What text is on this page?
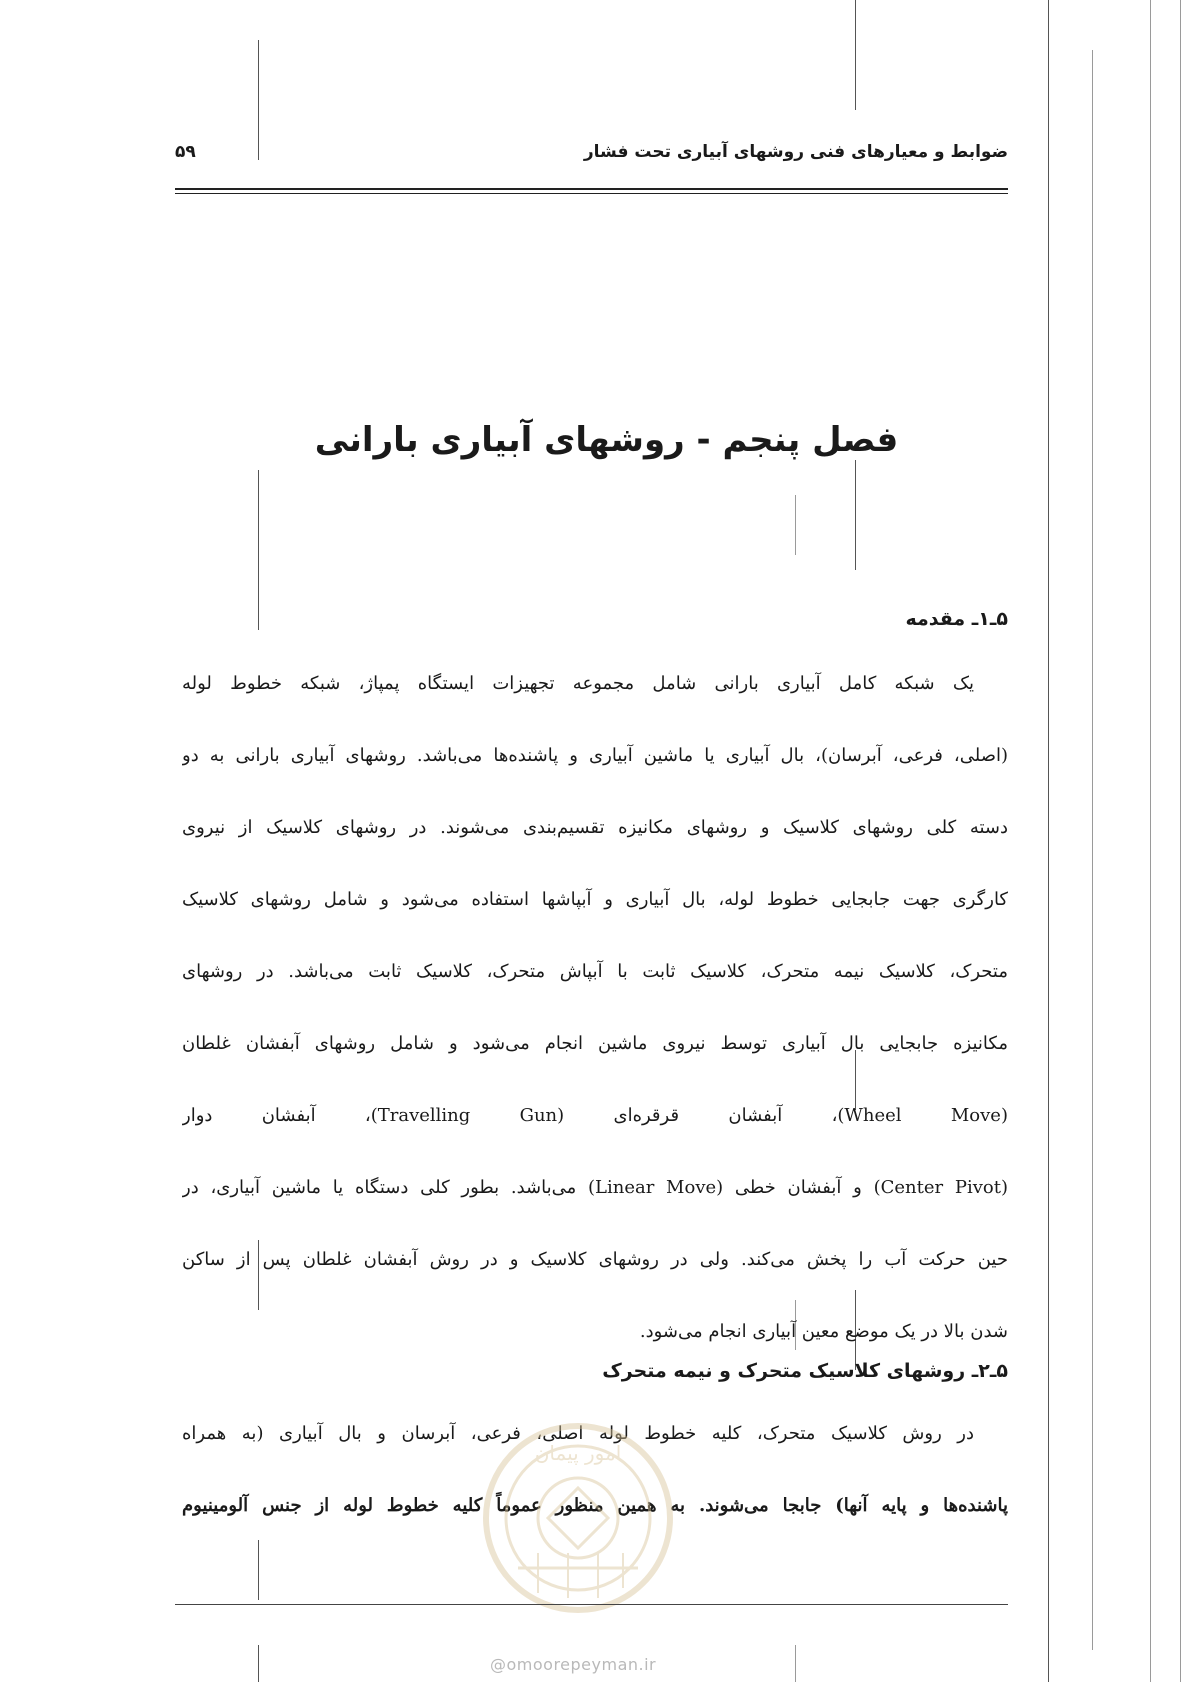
ضوابط و معیارهای فنی روشهای آبیاری تحت فشار
۵۹
فصل پنجم - روشهای آبیاری بارانی
۵ـ۱ـ مقدمه
یک شبکه کامل آبیاری بارانی شامل مجموعه تجهیزات ایستگاه پمپاژ، شبکه خطوط لوله
(اصلی، فرعی، آبرسان)، بال آبیاری یا ماشین آبیاری و پاشنده‌ها می‌باشد. روشهای آبیاری بارانی به دو
دسته کلی روشهای کلاسیک و روشهای مکانیزه تقسیم‌بندی می‌شوند. در روشهای کلاسیک از نیروی
کارگری جهت جابجایی خطوط لوله، بال آبیاری و آبپاشها استفاده می‌شود و شامل روشهای کلاسیک
متحرک، کلاسیک نیمه متحرک، کلاسیک ثابت با آبپاش متحرک، کلاسیک ثابت می‌باشد. در روشهای
مکانیزه جابجایی بال آبیاری توسط نیروی ماشین انجام می‌شود و شامل روشهای آبفشان غلطان
(Wheel Move)، آبفشان قرقره‌ای (Travelling Gun)، آبفشان دوار
(Center Pivot) و آبفشان خطی (Linear Move) می‌باشد. بطور کلی دستگاه یا ماشین آبیاری، در
حین حرکت آب را پخش می‌کند. ولی در روشهای کلاسیک و در روش آبفشان غلطان پس از ساکن
شدن بالا در یک موضع معین آبیاری انجام می‌شود.
۵ـ۲ـ روشهای کلاسیک متحرک و نیمه متحرک
در روش کلاسیک متحرک، کلیه خطوط لوله اصلی، فرعی، آبرسان و بال آبیاری (به همراه
پاشنده‌ها و پایه آنها) جابجا می‌شوند. به همین منظور عموماً کلیه خطوط لوله از جنس آلومینیوم
امور پیمان
@omoorepeyman.ir
